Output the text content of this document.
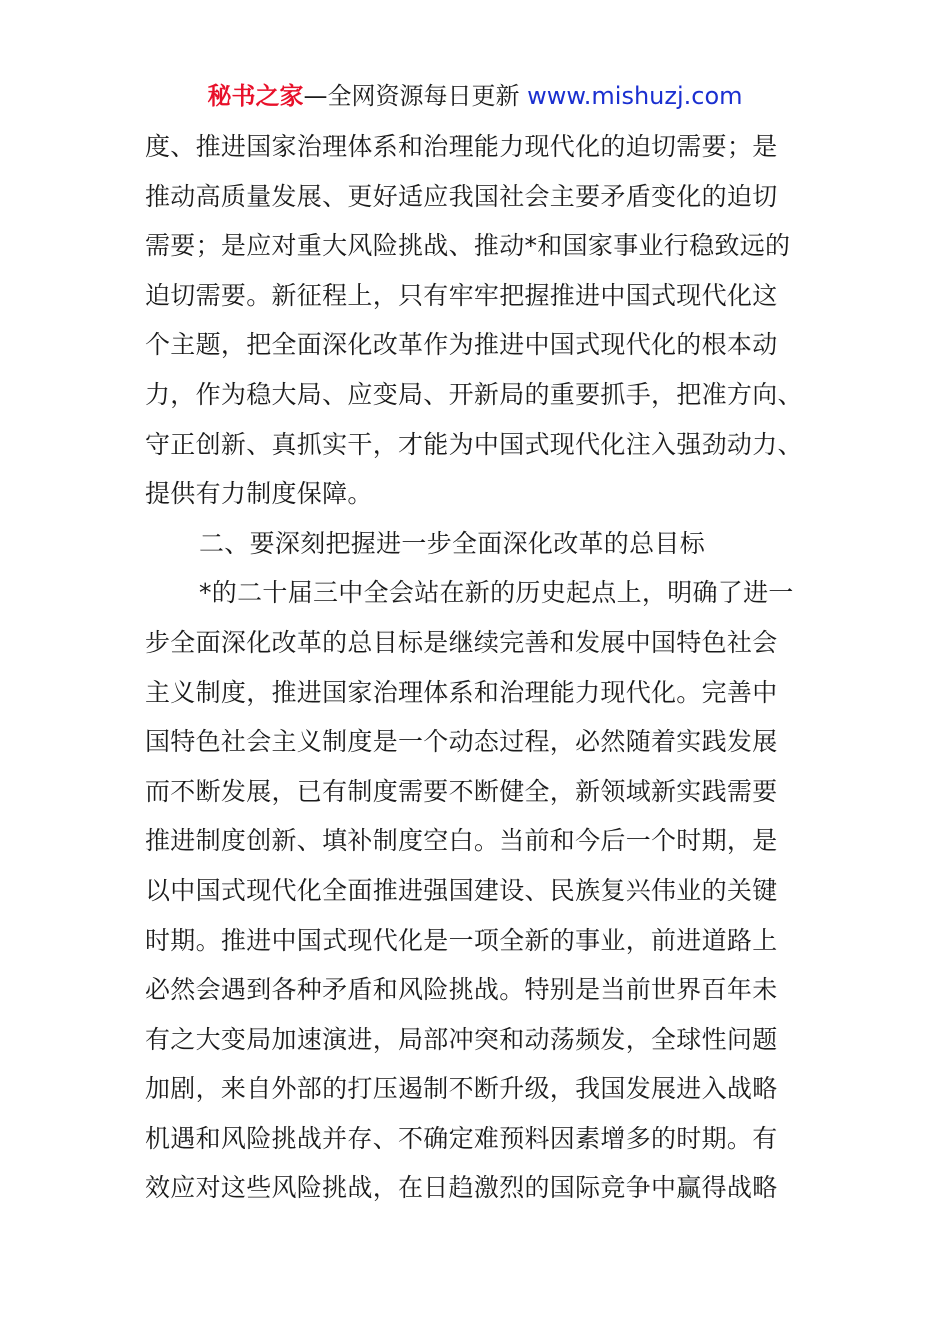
秘书之家—全网资源每日更新 www.mishuzj.com
度、推进国家治理体系和治理能力现代化的迫切需要；是
推动高质量发展、更好适应我国社会主要矛盾变化的迫切
需要；是应对重大风险挑战、推动*和国家事业行稳致远的
迫切需要。新征程上，只有牢牢把握推进中国式现代化这
个主题，把全面深化改革作为推进中国式现代化的根本动
力，作为稳大局、应变局、开新局的重要抓手，把准方向、
守正创新、真抓实干，才能为中国式现代化注入强劲动力、
提供有力制度保障。
二、要深刻把握进一步全面深化改革的总目标
*的二十届三中全会站在新的历史起点上，明确了进一
步全面深化改革的总目标是继续完善和发展中国特色社会
主义制度，推进国家治理体系和治理能力现代化。完善中
国特色社会主义制度是一个动态过程，必然随着实践发展
而不断发展，已有制度需要不断健全，新领域新实践需要
推进制度创新、填补制度空白。当前和今后一个时期，是
以中国式现代化全面推进强国建设、民族复兴伟业的关键
时期。推进中国式现代化是一项全新的事业，前进道路上
必然会遇到各种矛盾和风险挑战。特别是当前世界百年未
有之大变局加速演进，局部冲突和动荡频发，全球性问题
加剧，来自外部的打压遏制不断升级，我国发展进入战略
机遇和风险挑战并存、不确定难预料因素增多的时期。有
效应对这些风险挑战，在日趋激烈的国际竞争中赢得战略
